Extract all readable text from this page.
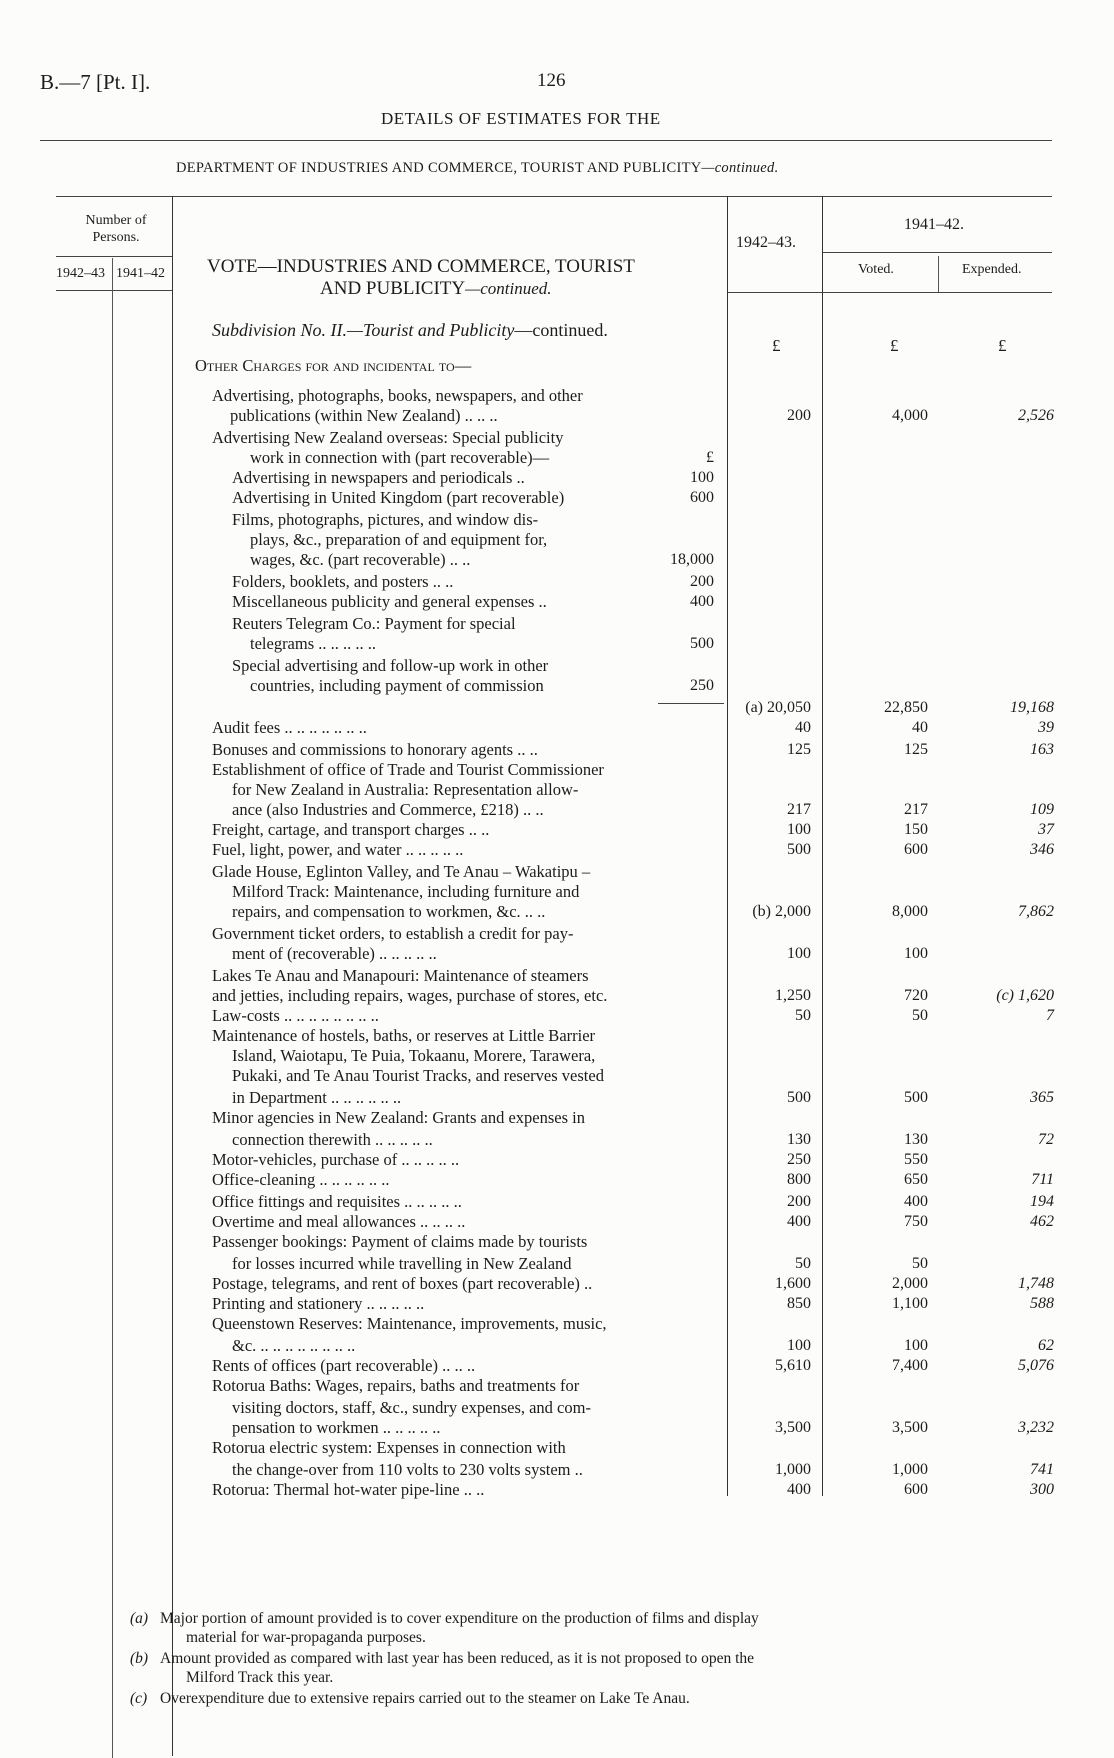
B.—7 [Pt. I].	126
DETAILS OF ESTIMATES FOR THE
DEPARTMENT OF INDUSTRIES AND COMMERCE, TOURIST AND PUBLICITY—continued.
Number of Persons.
1942–43 1941–42
1942–43.
1941–42.
Voted.	Expended.
VOTE—INDUSTRIES AND COMMERCE, TOURIST
AND PUBLICITY—continued.
Subdivision No. II.—Tourist and Publicity—continued.
£	£	£
Other Charges for and incidental to—
Advertising, photographs, books, newspapers, and other
publications (within New Zealand) .. .. ..	200	4,000	2,526
Advertising New Zealand overseas: Special publicity
work in connection with (part recoverable)—	£
Advertising in newspapers and periodicals ..	100
Advertising in United Kingdom (part recoverable)	600
Films, photographs, pictures, and window dis-
plays, &c., preparation of and equipment for,
wages, &c. (part recoverable) .. ..	18,000
Folders, booklets, and posters .. ..	200
Miscellaneous publicity and general expenses ..	400
Reuters Telegram Co.: Payment for special
telegrams .. .. .. .. ..	500
Special advertising and follow-up work in other
countries, including payment of commission	250
(a) 20,050	22,850	19,168
Audit fees .. .. .. .. .. .. ..	40	40	39
Bonuses and commissions to honorary agents .. ..	125	125	163
Establishment of office of Trade and Tourist Commissioner
for New Zealand in Australia: Representation allow-
ance (also Industries and Commerce, £218) .. ..	217	217	109
Freight, cartage, and transport charges .. ..	100	150	37
Fuel, light, power, and water .. .. .. .. ..	500	600	346
Glade House, Eglinton Valley, and Te Anau – Wakatipu –
Milford Track: Maintenance, including furniture and
repairs, and compensation to workmen, &c. .. ..	(b) 2,000	8,000	7,862
Government ticket orders, to establish a credit for pay-
ment of (recoverable) .. .. .. .. ..	100	100
Lakes Te Anau and Manapouri: Maintenance of steamers
and jetties, including repairs, wages, purchase of stores, etc.	1,250	720	(c) 1,620
Law-costs .. .. .. .. .. .. .. ..	50	50	7
Maintenance of hostels, baths, or reserves at Little Barrier
Island, Waiotapu, Te Puia, Tokaanu, Morere, Tarawera,
Pukaki, and Te Anau Tourist Tracks, and reserves vested
in Department .. .. .. .. .. ..	500	500	365
Minor agencies in New Zealand: Grants and expenses in
connection therewith .. .. .. .. ..	130	130	72
Motor-vehicles, purchase of .. .. .. .. ..	250	550
Office-cleaning .. .. .. .. .. ..	800	650	711
Office fittings and requisites .. .. .. .. ..	200	400	194
Overtime and meal allowances .. .. .. ..	400	750	462
Passenger bookings: Payment of claims made by tourists
for losses incurred while travelling in New Zealand	50	50
Postage, telegrams, and rent of boxes (part recoverable) ..	1,600	2,000	1,748
Printing and stationery .. .. .. .. ..	850	1,100	588
Queenstown Reserves: Maintenance, improvements, music,
&c. .. .. .. .. .. .. .. ..	100	100	62
Rents of offices (part recoverable) .. .. ..	5,610	7,400	5,076
Rotorua Baths: Wages, repairs, baths and treatments for
visiting doctors, staff, &c., sundry expenses, and com-
pensation to workmen .. .. .. .. ..	3,500	3,500	3,232
Rotorua electric system: Expenses in connection with
the change-over from 110 volts to 230 volts system ..	1,000	1,000	741
Rotorua: Thermal hot-water pipe-line .. ..	400	600	300
(a) Major portion of amount provided is to cover expenditure on the production of films and display
material for war-propaganda purposes.
(b) Amount provided as compared with last year has been reduced, as it is not proposed to open the
Milford Track this year.
(c) Overexpenditure due to extensive repairs carried out to the steamer on Lake Te Anau.
